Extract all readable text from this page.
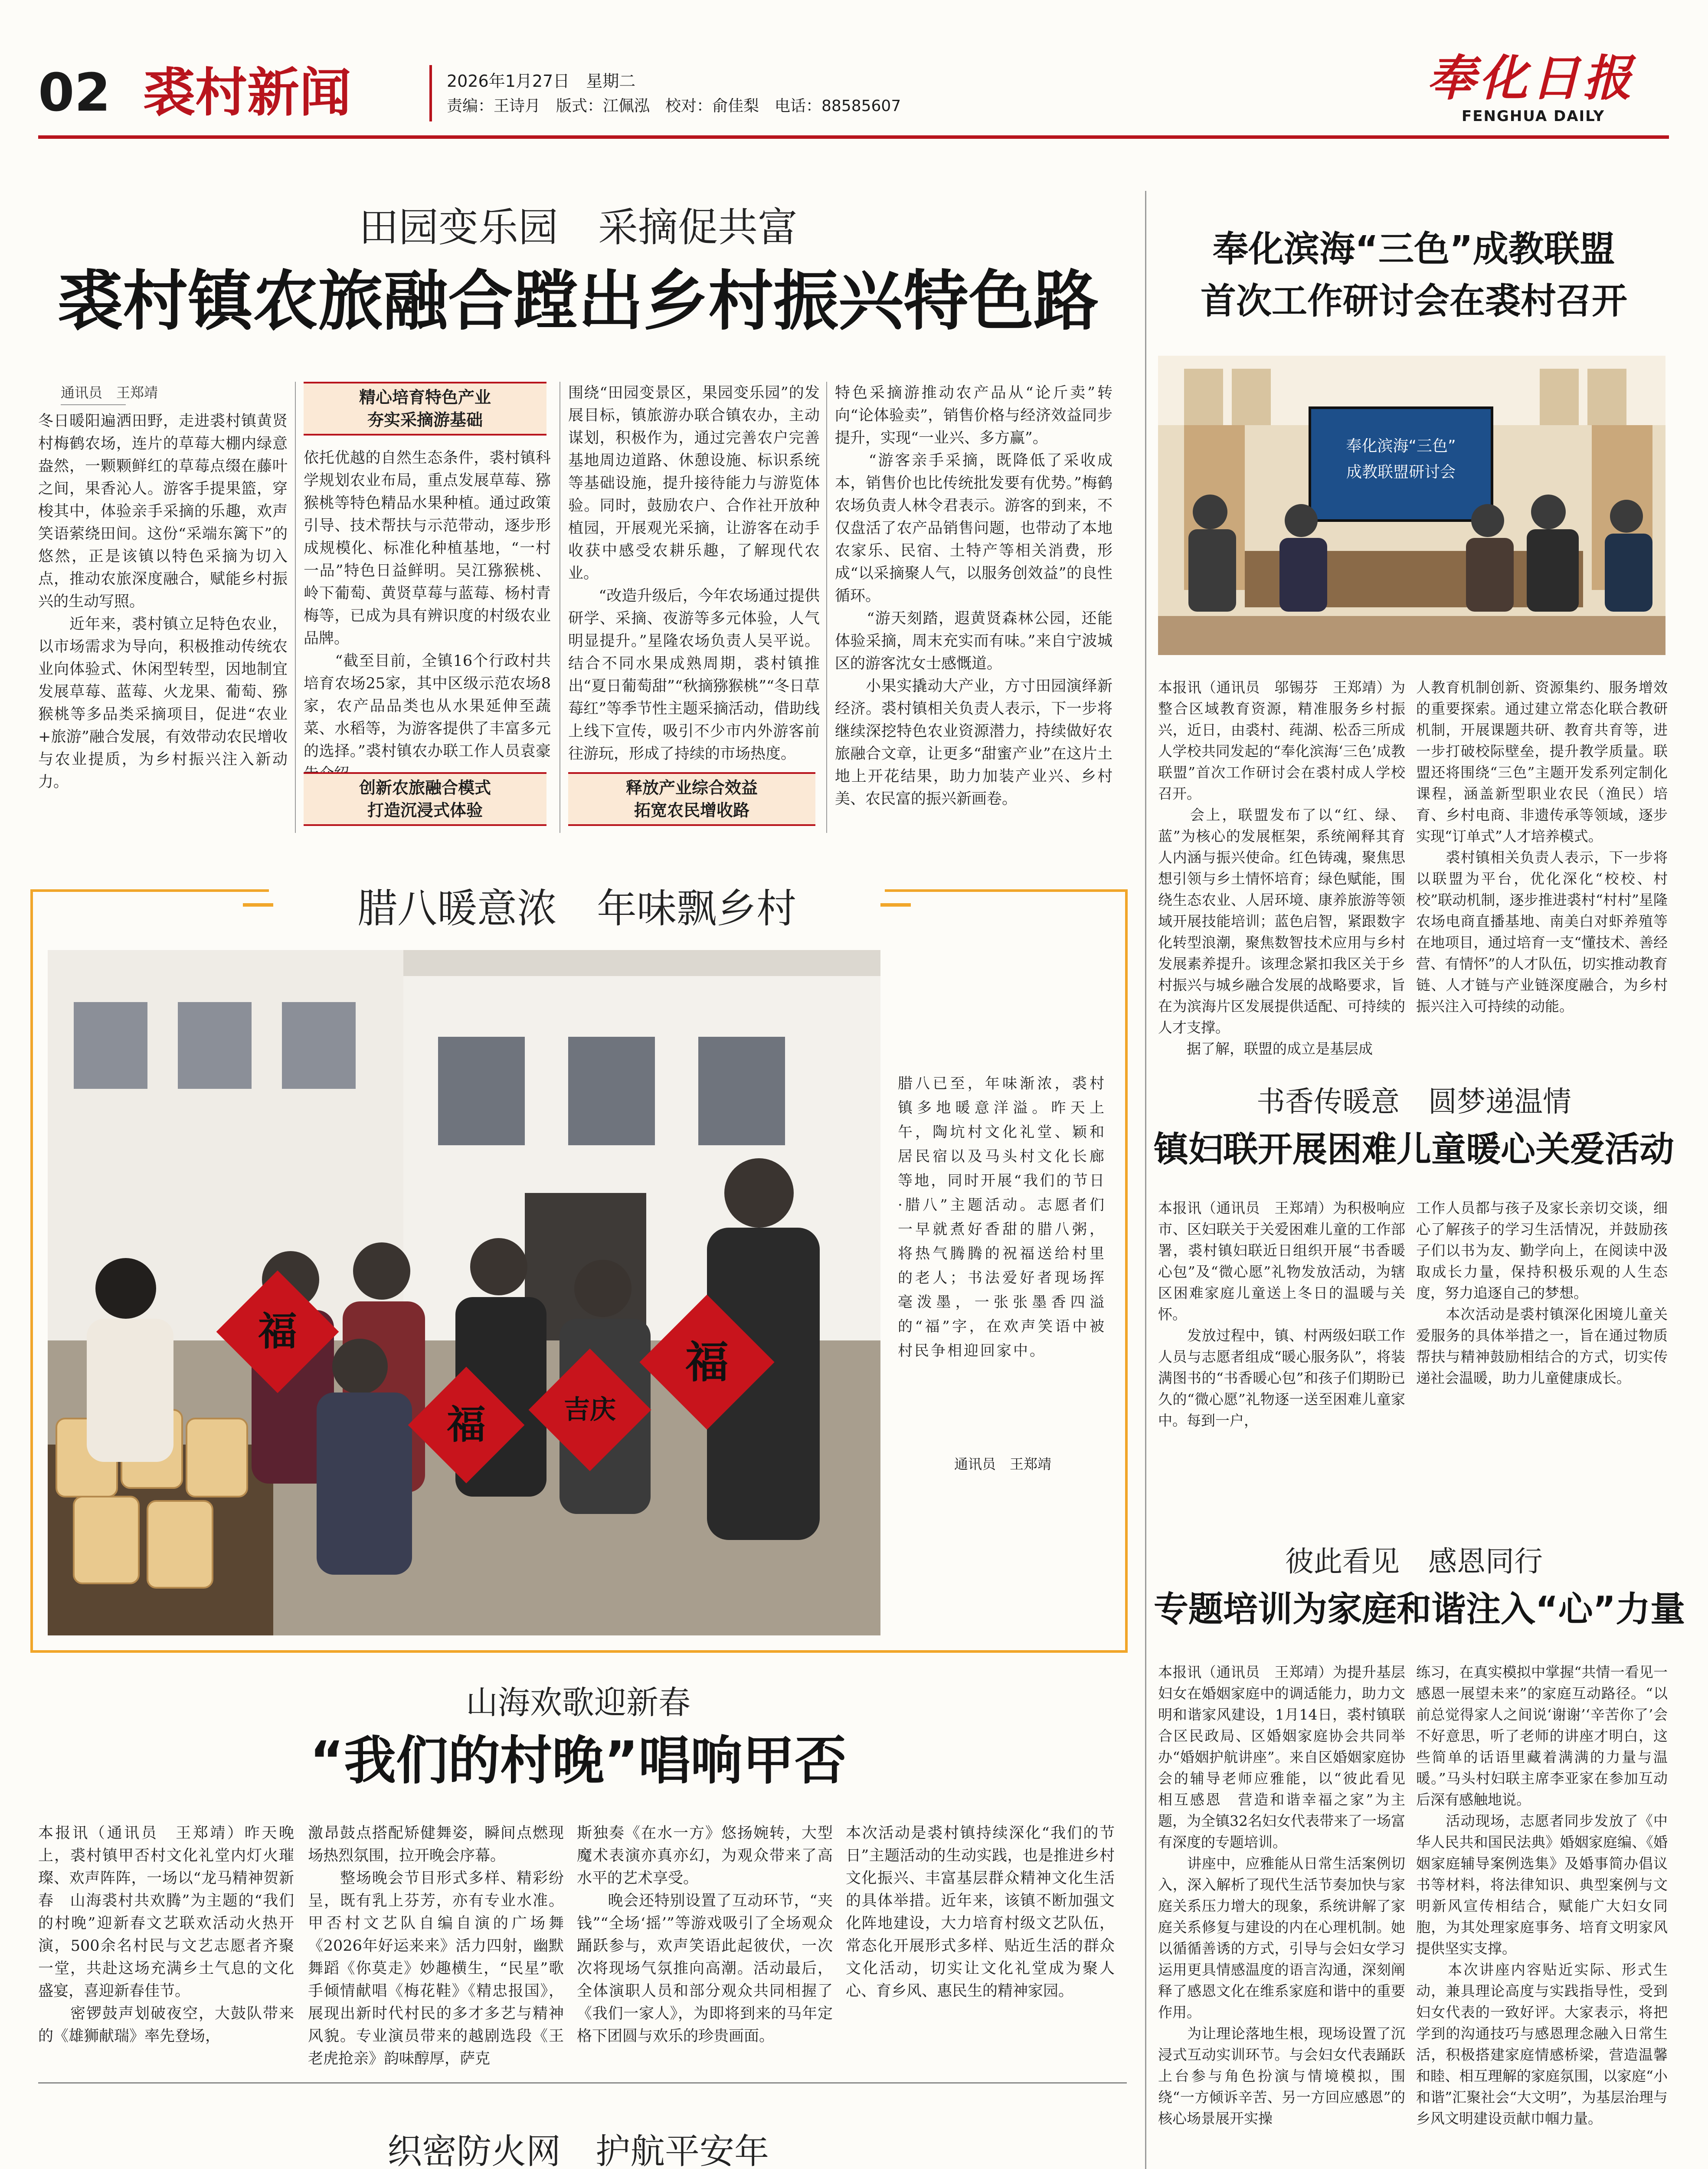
02 裘村新闻	2026年1月27日　星期二
责编：王诗月　版式：江佩泓　校对：俞佳梨　电话：88585607	奉化日报
FENGHUA DAILY
田园变乐园　采摘促共富
裘村镇农旅融合蹚出乡村振兴特色路
通讯员　王郑靖
冬日暖阳遍洒田野，走进裘村镇黄贤村梅鹤农场，连片的草莓大棚内绿意盎然，一颗颗鲜红的草莓点缀在藤叶之间，果香沁人。游客手提果篮，穿梭其中，体验亲手采摘的乐趣，欢声笑语萦绕田间。这份“采端东篱下”的悠然，正是该镇以特色采摘为切入点，推动农旅深度融合，赋能乡村振兴的生动写照。
　　近年来，裘村镇立足特色农业，以市场需求为导向，积极推动传统农业向体验式、休闲型转型，因地制宜发展草莓、蓝莓、火龙果、葡萄、猕猴桃等多品类采摘项目，促进“农业+旅游”融合发展，有效带动农民增收与农业提质，为乡村振兴注入新动力。
精心培育特色产业
夯实采摘游基础
依托优越的自然生态条件，裘村镇科学规划农业布局，重点发展草莓、猕猴桃等特色精品水果种植。通过政策引导、技术帮扶与示范带动，逐步形成规模化、标准化种植基地，“一村一品”特色日益鲜明。吴江猕猴桃、岭下葡萄、黄贤草莓与蓝莓、杨村青梅等，已成为具有辨识度的村级农业品牌。
　　“截至目前，全镇16个行政村共培育农场25家，其中区级示范农场8家，农产品品类也从水果延伸至蔬菜、水稻等，为游客提供了丰富多元的选择。”裘村镇农办联工作人员袁豪
创新农旅融合模式
打造沉浸式体验
围绕“田园变景区，果园变乐园”的发展目标，镇旅游办联合镇农办，主动谋划，积极作为，通过完善农户完善基地周边道路、休憩设施、标识系统等基础设施，提升接待能力与游览体验。同时，鼓励农户、合作社开放种植园，开展观光采摘，让游客在动手收获中感受农耕乐趣，了解现代农业。
　　“改造升级后，今年农场通过提供研学、采摘、夜游等多元体验，人气明显提升。”星隆农场负责人吴平说。结合不同水果成熟周期，裘村镇推出“夏日葡萄甜”“秋摘猕猴桃”“冬日草莓红”等季节性主题采摘活动，借助线上线下宣传，吸引不少市内外游客前往游玩，形成了持续的市场热度。
释放产业综合效益
拓宽农民增收路
特色采摘游推动农产品从“论斤卖”转向“论体验卖”，销售价格与经济效益同步提升，实现“一业兴、多方赢”。
　　“游客亲手采摘，既降低了采收成本，销售价也比传统批发要有优势。”梅鹤农场负责人林令君表示。游客的到来，不仅盘活了农产品销售问题，也带动了本地农家乐、民宿、土特产等相关消费，形成“以采摘聚人气，以服务创效益”的良性循环。
　　“游天刻踏，遐黄贤森林公园，还能体验采摘，周末充实而有味。”来自宁波城区的游客沈女士感慨道。
　　小果实撬动大产业，方寸田园演绎新经济。裘村镇相关负责人表示，下一步将继续深挖特色农业资源潜力，持续做好农旅融合文章，让更多“甜蜜产业”在这片土地上开花结果，助力加装产业兴、乡村美、农民富的振兴新画卷。
奉化滨海“三色”成教联盟
首次工作研讨会在裘村召开
奉化滨海“三色”
成教联盟研讨会
本报讯（通讯员　邬锡芬　王郑靖）为整合区域教育资源，精准服务乡村振兴，近日，由裘村、莼湖、松岙三所成人学校共同发起的“奉化滨海‘三色’成教联盟”首次工作研讨会在裘村成人学校召开。
　　会上，联盟发布了以“红、绿、蓝”为核心的发展框架，系统阐释其育人内涵与振兴使命。红色铸魂，聚焦思想引领与乡土情怀培育；绿色赋能，围绕生态农业、人居环境、康养旅游等领域开展技能培训；蓝色启智，紧跟数字化转型浪潮，聚焦数智技术应用与乡村发展素养提升。该理念紧扣我区关于乡村振兴与城乡融合发展的战略要求，旨在为滨海片区发展提供适配、可持续的人才支撑。
　　据了解，联盟的成立是基层成
人教育机制创新、资源集约、服务增效的重要探索。通过建立常态化联合教研机制，开展课题共研、教育共育等，进一步打破校际壁垒，提升教学质量。联盟还将围绕“三色”主题开发系列定制化课程，涵盖新型职业农民（渔民）培育、乡村电商、非遗传承等领域，逐步实现“订单式”人才培养模式。
　　裘村镇相关负责人表示，下一步将以联盟为平台，优化深化“校校、村校”联动机制，逐步推进裘村“村村”星隆农场电商直播基地、南美白对虾养殖等在地项目，通过培育一支“懂技术、善经营、有情怀”的人才队伍，切实推动教育链、人才链与产业链深度融合，为乡村振兴注入可持续的动能。
书香传暖意　圆梦递温情
镇妇联开展困难儿童暖心关爱活动
本报讯（通讯员　王郑靖）为积极响应市、区妇联关于关爱困难儿童的工作部署，裘村镇妇联近日组织开展“书香暖心包”及“微心愿”礼物发放活动，为辖区困难家庭儿童送上冬日的温暖与关怀。
　　发放过程中，镇、村两级妇联工作人员与志愿者组成“暖心服务队”，将装满图书的“书香暖心包”和孩子们期盼已久的“微心愿”礼物逐一送至困难儿童家中。每到一户，
工作人员都与孩子及家长亲切交谈，细心了解孩子的学习生活情况，并鼓励孩子们以书为友、勤学向上，在阅读中汲取成长力量，保持积极乐观的人生态度，努力追逐自己的梦想。
　　本次活动是裘村镇深化困境儿童关爱服务的具体举措之一，旨在通过物质帮扶与精神鼓励相结合的方式，切实传递社会温暖，助力儿童健康成长。
彼此看见　感恩同行
专题培训为家庭和谐注入“心”力量
本报讯（通讯员　王郑靖）为提升基层妇女在婚姻家庭中的调适能力，助力文明和谐家风建设，1月14日，裘村镇联合区民政局、区婚姻家庭协会共同举办“婚姻护航讲座”。来自区婚姻家庭协会的辅导老师应雅能，以“彼此看见　相互感恩　营造和谐幸福之家”为主题，为全镇32名妇女代表带来了一场富有深度的专题培训。
　　讲座中，应雅能从日常生活案例切入，深入解析了现代生活节奏加快与家庭关系压力增大的现象，系统讲解了家庭关系修复与建设的内在心理机制。她以循循善诱的方式，引导与会妇女学习运用更具情感温度的语言沟通，深刻阐释了感恩文化在维系家庭和谐中的重要作用。
　　为让理论落地生根，现场设置了沉浸式互动实训环节。与会妇女代表踊跃上台参与角色扮演与情境模拟，围绕“一方倾诉辛苦、另一方回应感恩”的核心场景展开实操
练习，在真实模拟中掌握“共情一看见一感恩一展望未来”的家庭互动路径。“以前总觉得家人之间说‘谢谢’‘辛苦你了’会不好意思，听了老师的讲座才明白，这些简单的话语里藏着满满的力量与温暖。”马头村妇联主席李亚家在参加互动后深有感触地说。
　　活动现场，志愿者同步发放了《中华人民共和国民法典》婚姻家庭编、《婚姻家庭辅导案例选集》及婚事简办倡议书等材料，将法律知识、典型案例与文明新风宣传相结合，赋能广大妇女同胞，为其处理家庭事务、培育文明家风提供坚实支撑。
　　本次讲座内容贴近实际、形式生动，兼具理论高度与实践指导性，受到妇女代表的一致好评。大家表示，将把学到的沟通技巧与感恩理念融入日常生活，积极搭建家庭情感桥梁，营造温馨和睦、相互理解的家庭氛围，以家庭“小和谐”汇聚社会“大文明”，为基层治理与乡风文明建设贡献巾帼力量。
腊八暖意浓　年味飘乡村
福
福	吉庆
福
腊八已至，年味渐浓，裘村镇多地暖意洋溢。昨天上午，陶坑村文化礼堂、颖和居民宿以及马头村文化长廊等地，同时开展“我们的节日·腊八”主题活动。志愿者们一早就煮好香甜的腊八粥，将热气腾腾的祝福送给村里的老人；书法爱好者现场挥毫泼墨，一张张墨香四溢的“福”字，在欢声笑语中被村民争相迎回家中。
通讯员　王郑靖
山海欢歌迎新春
“我们的村晚”唱响甲否
本报讯（通讯员　王郑靖）昨天晚上，裘村镇甲否村文化礼堂内灯火璀璨、欢声阵阵，一场以“龙马精神贺新春　山海裘村共欢腾”为主题的“我们的村晚”迎新春文艺联欢活动火热开演，500余名村民与文艺志愿者齐聚一堂，共赴这场充满乡土气息的文化盛宴，喜迎新春佳节。
　　密锣鼓声划破夜空，大鼓队带来的《雄狮献瑞》率先登场，
激昂鼓点搭配矫健舞姿，瞬间点燃现场热烈氛围，拉开晚会序幕。
　　整场晚会节目形式多样、精彩纷呈，既有乳上芬芳，亦有专业水准。甲否村文艺队自编自演的广场舞《2026年好运来来》活力四射，幽默舞蹈《你莫走》妙趣横生，“民星”歌手倾情献唱《梅花鞋》《精忠报国》，展现出新时代村民的多才多艺与精神风貌。专业演员带来的越剧选段《王老虎抢亲》韵味醇厚，萨克
斯独奏《在水一方》悠扬婉转，大型魔术表演亦真亦幻，为观众带来了高水平的艺术享受。
　　晚会还特别设置了互动环节，“夹钱”“全场‘摇’”等游戏吸引了全场观众踊跃参与，欢声笑语此起彼伏，一次次将现场气氛推向高潮。活动最后，全体演职人员和部分观众共同相握了《我们一家人》，为即将到来的马年定格下团圆与欢乐的珍贵画面。
本次活动是裘村镇持续深化“我们的节日”主题活动的生动实践，也是推进乡村文化振兴、丰富基层群众精神文化生活的具体举措。近年来，该镇不断加强文化阵地建设，大力培育村级文艺队伍，常态化开展形式多样、贴近生活的群众文化活动，切实让文化礼堂成为聚人心、育乡风、惠民生的精神家园。
织密防火网　护航平安年
